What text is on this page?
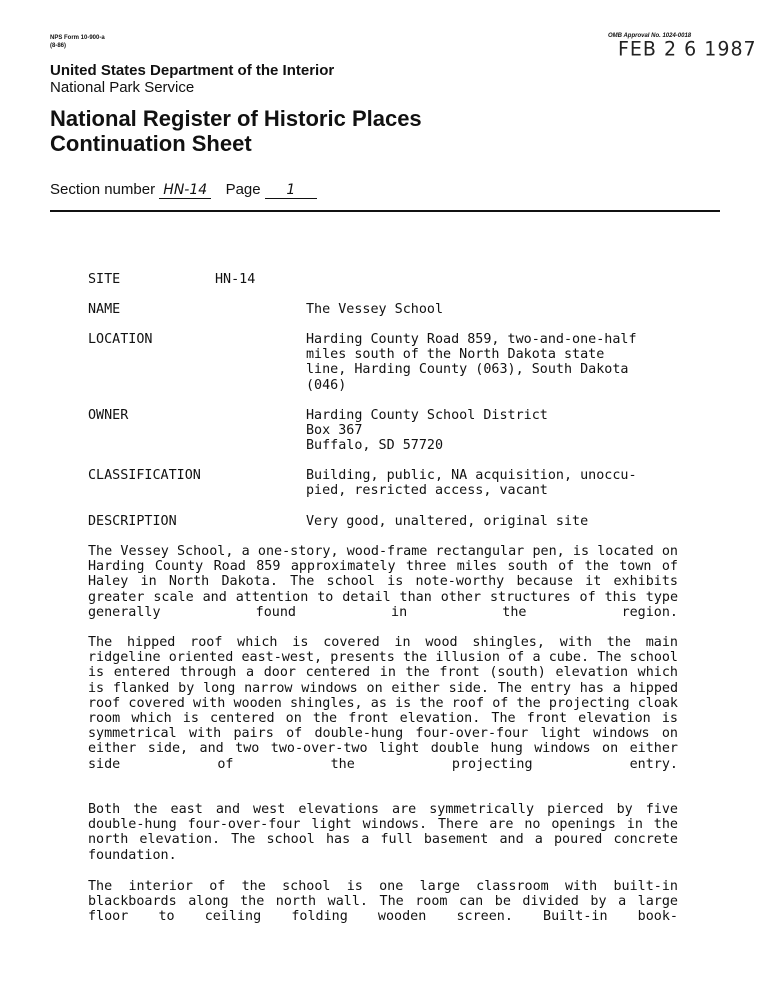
NPS Form 10-900-a
(8-86)
OMB Approval No. 1024-0018
FEB 2 6 1987
United States Department of the Interior
National Park Service
National Register of Historic Places
Continuation Sheet
Section number HN-14 Page 1
SITE	HN-14
NAME	The Vessey School
LOCATION	Harding County Road 859, two-and-one-half
miles south of the North Dakota state
line, Harding County (063), South Dakota
(046)
OWNER	Harding County School District
Box 367
Buffalo, SD 57720
CLASSIFICATION	Building, public, NA acquisition, unoccu-
pied, resricted access, vacant
DESCRIPTION	Very good, unaltered, original site
The Vessey School, a one-story, wood-frame rectangular pen, is located on Harding County Road 859 approximately three miles south of the town of Haley in North Dakota. The school is note-worthy because it exhibits greater scale and attention to detail than other structures of this type generally found in the region.
The hipped roof which is covered in wood shingles, with the main ridgeline oriented east-west, presents the illusion of a cube. The school is entered through a door centered in the front (south) elevation which is flanked by long narrow windows on either side. The entry has a hipped roof covered with wooden shingles, as is the roof of the projecting cloak room which is centered on the front elevation. The front elevation is symmetrical with pairs of double-hung four-over-four light windows on either side, and two two-over-two light double hung windows on either side of the projecting entry.
Both the east and west elevations are symmetrically pierced by five double-hung four-over-four light windows. There are no openings in the north elevation. The school has a full basement and a poured concrete foundation.
The interior of the school is one large classroom with built-in blackboards along the north wall. The room can be divided by a large floor to ceiling folding wooden screen. Built-in book-
